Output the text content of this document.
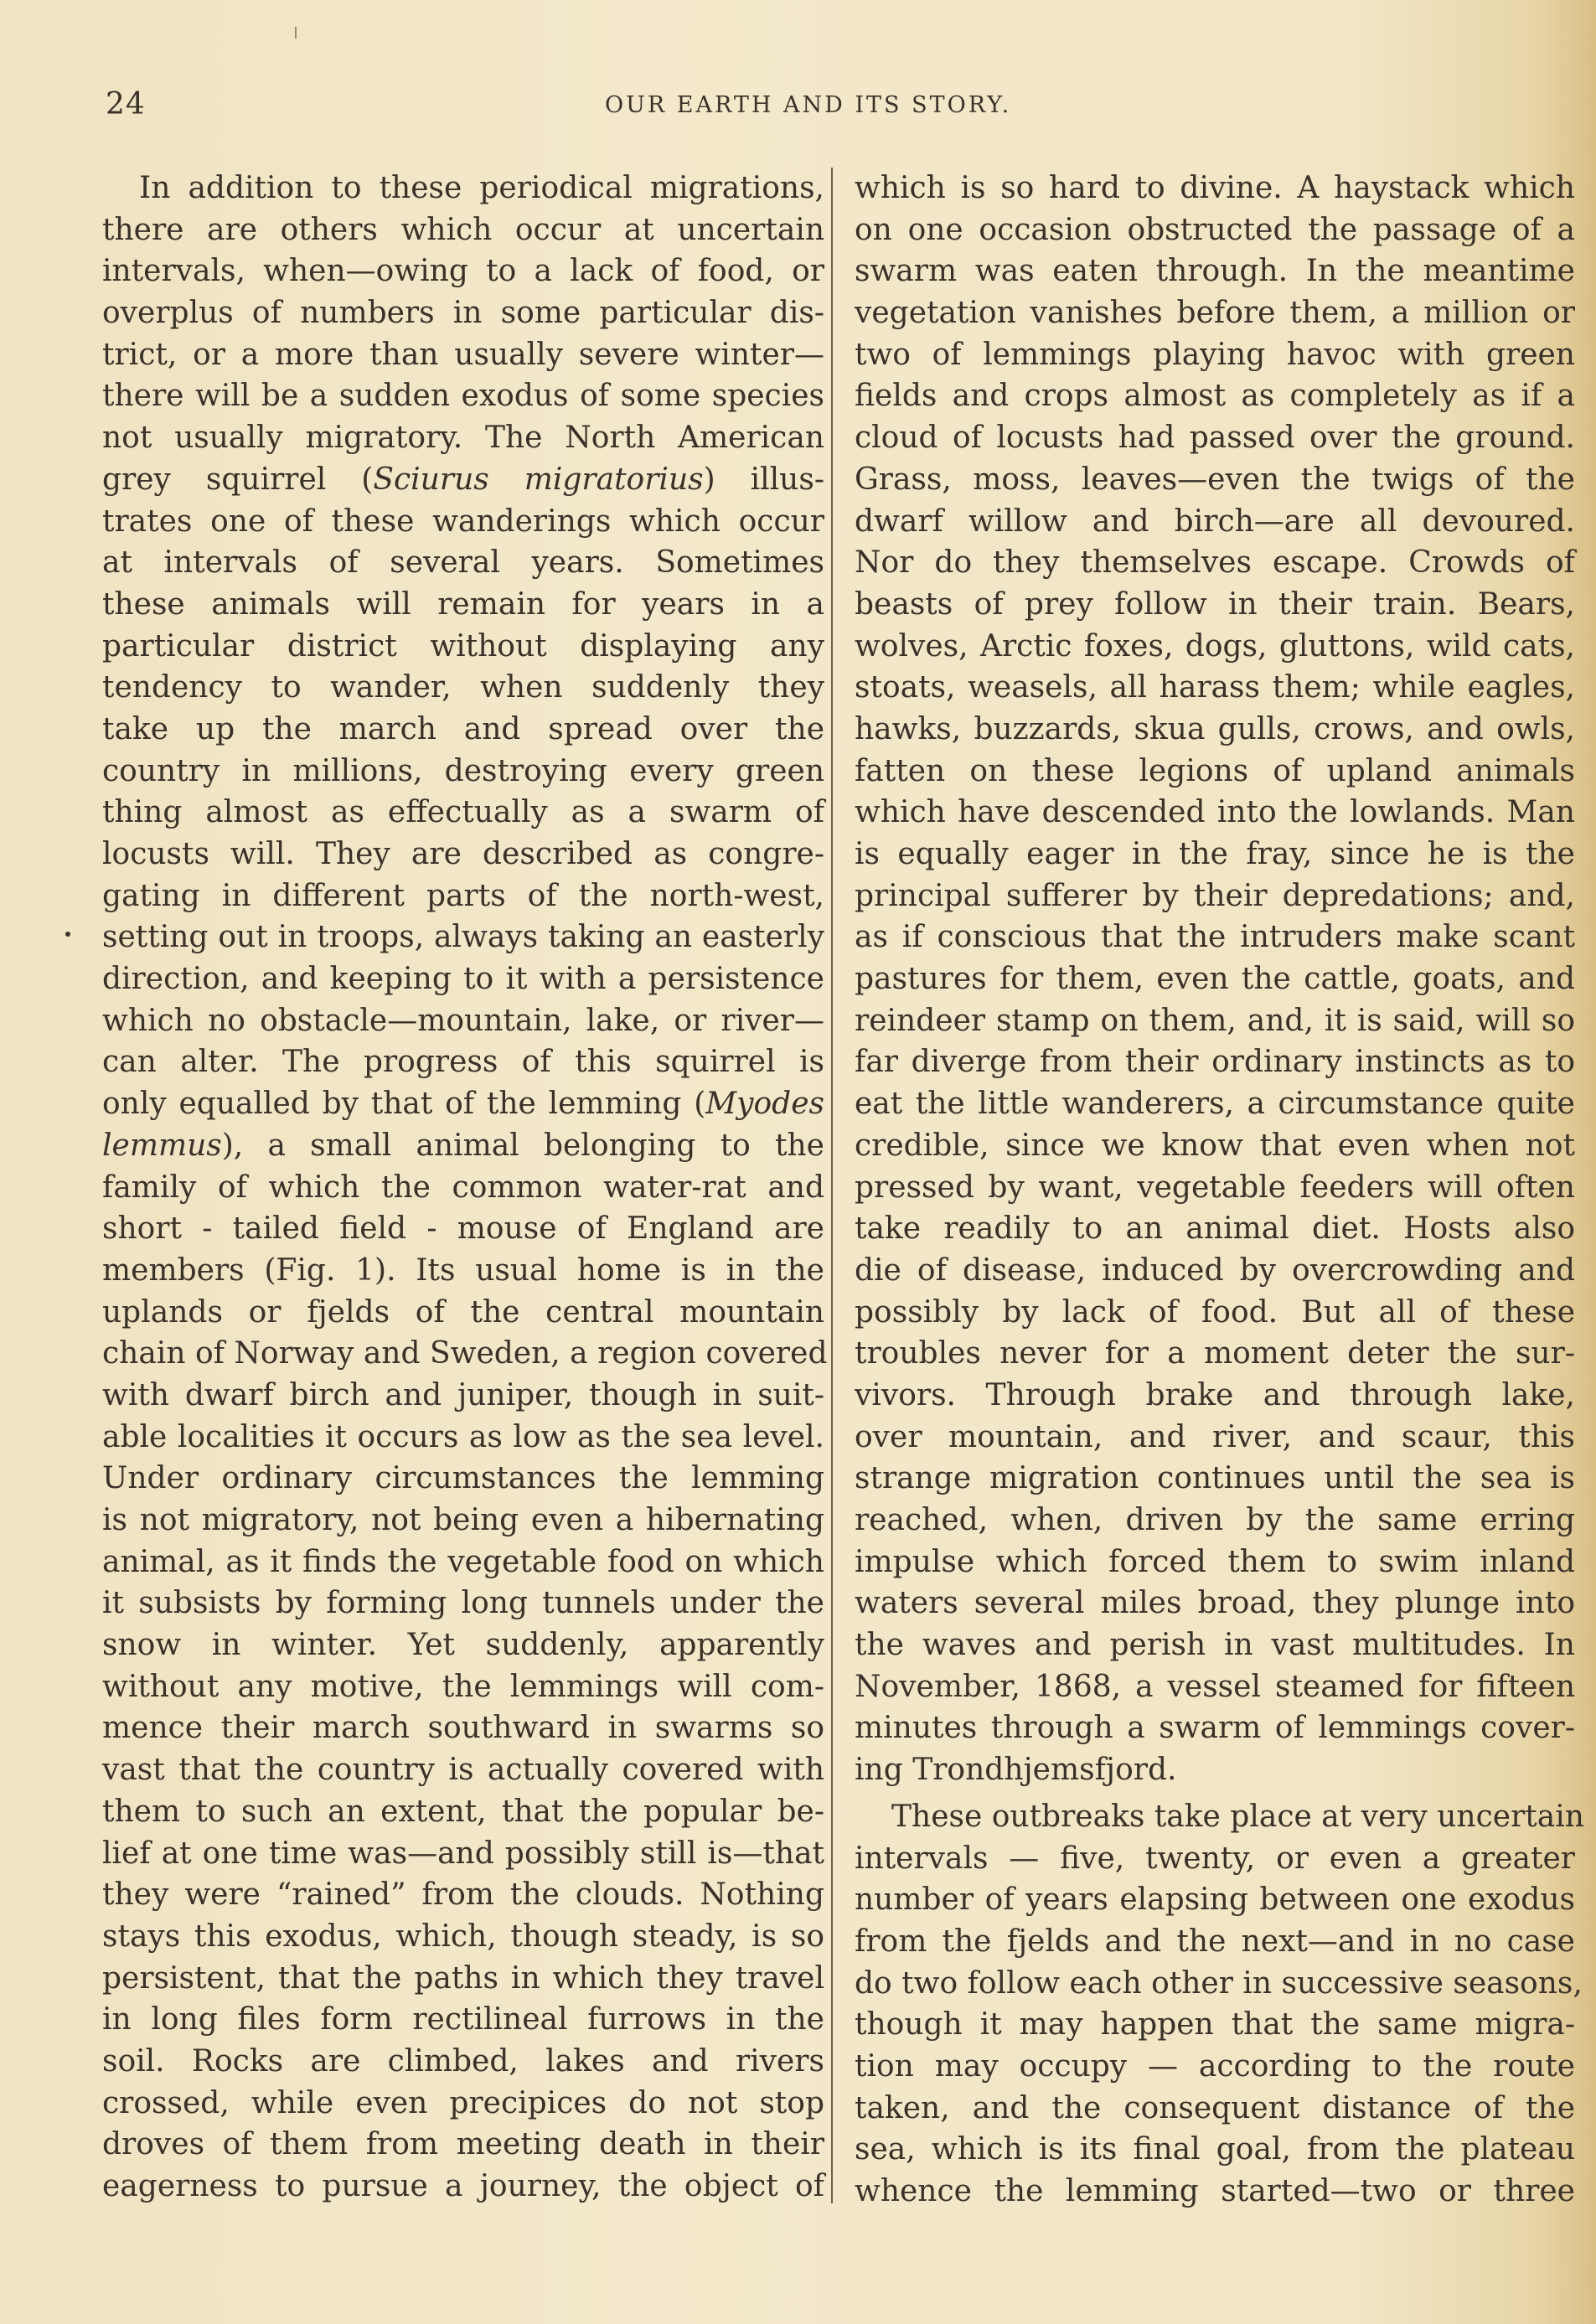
24	OUR EARTH AND ITS STORY.

In addition to these periodical migrations,
there are others which occur at uncertain
intervals, when—owing to a lack of food, or
overplus of numbers in some particular dis-
trict, or a more than usually severe winter—
there will be a sudden exodus of some species
not usually migratory. The North American
grey squirrel (Sciurus migratorius) illus-
trates one of these wanderings which occur
at intervals of several years. Sometimes
these animals will remain for years in a
particular district without displaying any
tendency to wander, when suddenly they
take up the march and spread over the
country in millions, destroying every green
thing almost as effectually as a swarm of
locusts will. They are described as congre-
gating in different parts of the north-west,
setting out in troops, always taking an easterly
direction, and keeping to it with a persistence
which no obstacle—mountain, lake, or river—
can alter. The progress of this squirrel is
only equalled by that of the lemming (Myodes
lemmus), a small animal belonging to the
family of which the common water-rat and
short - tailed field - mouse of England are
members (Fig. 1). Its usual home is in the
uplands or fjelds of the central mountain
chain of Norway and Sweden, a region covered
with dwarf birch and juniper, though in suit-
able localities it occurs as low as the sea level.
Under ordinary circumstances the lemming
is not migratory, not being even a hibernating
animal, as it finds the vegetable food on which
it subsists by forming long tunnels under the
snow in winter. Yet suddenly, apparently
without any motive, the lemmings will com-
mence their march southward in swarms so
vast that the country is actually covered with
them to such an extent, that the popular be-
lief at one time was—and possibly still is—that
they were “rained” from the clouds. Nothing
stays this exodus, which, though steady, is so
persistent, that the paths in which they travel
in long files form rectilineal furrows in the
soil. Rocks are climbed, lakes and rivers
crossed, while even precipices do not stop
droves of them from meeting death in their
eagerness to pursue a journey, the object of

which is so hard to divine. A haystack which
on one occasion obstructed the passage of a
swarm was eaten through. In the meantime
vegetation vanishes before them, a million or
two of lemmings playing havoc with green
fields and crops almost as completely as if a
cloud of locusts had passed over the ground.
Grass, moss, leaves—even the twigs of the
dwarf willow and birch—are all devoured.
Nor do they themselves escape. Crowds of
beasts of prey follow in their train. Bears,
wolves, Arctic foxes, dogs, gluttons, wild cats,
stoats, weasels, all harass them; while eagles,
hawks, buzzards, skua gulls, crows, and owls,
fatten on these legions of upland animals
which have descended into the lowlands. Man
is equally eager in the fray, since he is the
principal sufferer by their depredations; and,
as if conscious that the intruders make scant
pastures for them, even the cattle, goats, and
reindeer stamp on them, and, it is said, will so
far diverge from their ordinary instincts as to
eat the little wanderers, a circumstance quite
credible, since we know that even when not
pressed by want, vegetable feeders will often
take readily to an animal diet. Hosts also
die of disease, induced by overcrowding and
possibly by lack of food. But all of these
troubles never for a moment deter the sur-
vivors. Through brake and through lake,
over mountain, and river, and scaur, this
strange migration continues until the sea is
reached, when, driven by the same erring
impulse which forced them to swim inland
waters several miles broad, they plunge into
the waves and perish in vast multitudes. In
November, 1868, a vessel steamed for fifteen
minutes through a swarm of lemmings cover-
ing Trondhjemsfjord.
These outbreaks take place at very uncertain
intervals — five, twenty, or even a greater
number of years elapsing between one exodus
from the fjelds and the next—and in no case
do two follow each other in successive seasons,
though it may happen that the same migra-
tion may occupy — according to the route
taken, and the consequent distance of the
sea, which is its final goal, from the plateau
whence the lemming started—two or three
